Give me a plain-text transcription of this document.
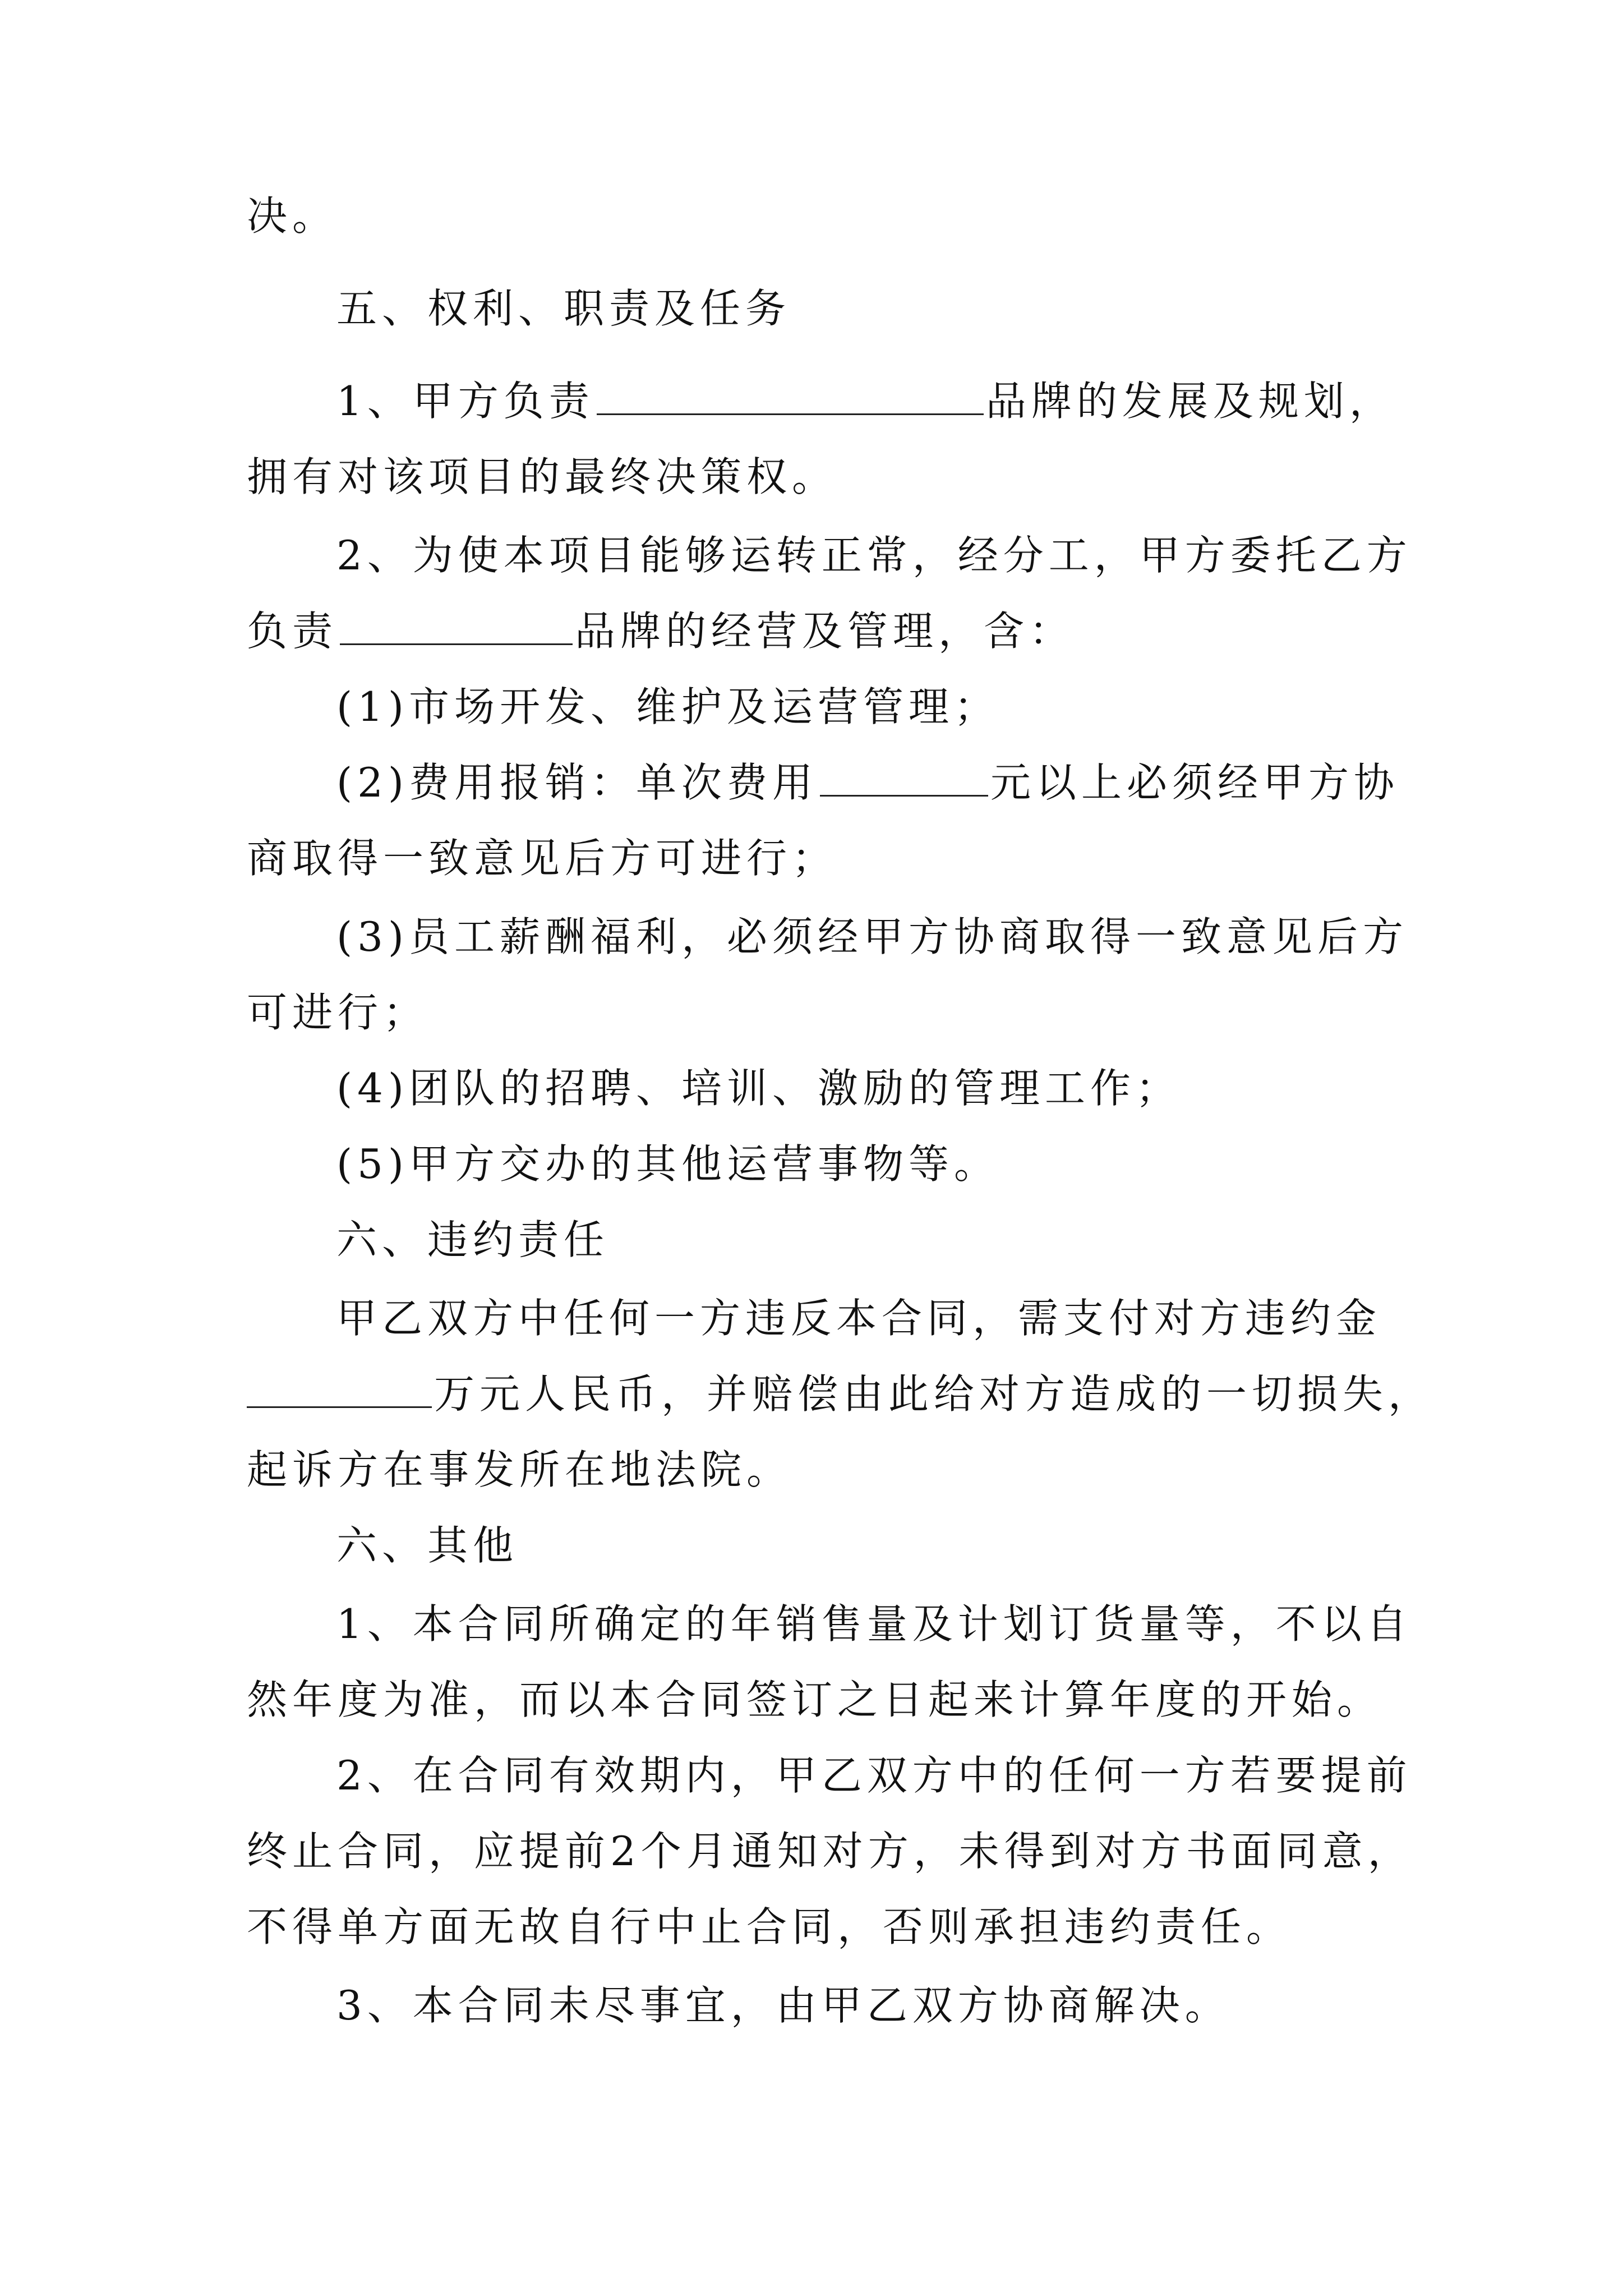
决。
五、权利、职责及任务
1、甲方负责	品牌的发展及规划，
拥有对该项目的最终决策权。
2、为使本项目能够运转正常，经分工，甲方委托乙方
负责	品牌的经营及管理，含：
(1)市场开发、维护及运营管理；
(2)费用报销：单次费用	元以上必须经甲方协
商取得一致意见后方可进行；
(3)员工薪酬福利，必须经甲方协商取得一致意见后方
可进行；
(4)团队的招聘、培训、激励的管理工作；
(5)甲方交办的其他运营事物等。
六、违约责任
甲乙双方中任何一方违反本合同，需支付对方违约金
万元人民币，并赔偿由此给对方造成的一切损失，
起诉方在事发所在地法院。
六、其他
1、本合同所确定的年销售量及计划订货量等，不以自
然年度为准，而以本合同签订之日起来计算年度的开始。
2、在合同有效期内，甲乙双方中的任何一方若要提前
终止合同，应提前2个月通知对方，未得到对方书面同意，
不得单方面无故自行中止合同，否则承担违约责任。
3、本合同未尽事宜，由甲乙双方协商解决。
